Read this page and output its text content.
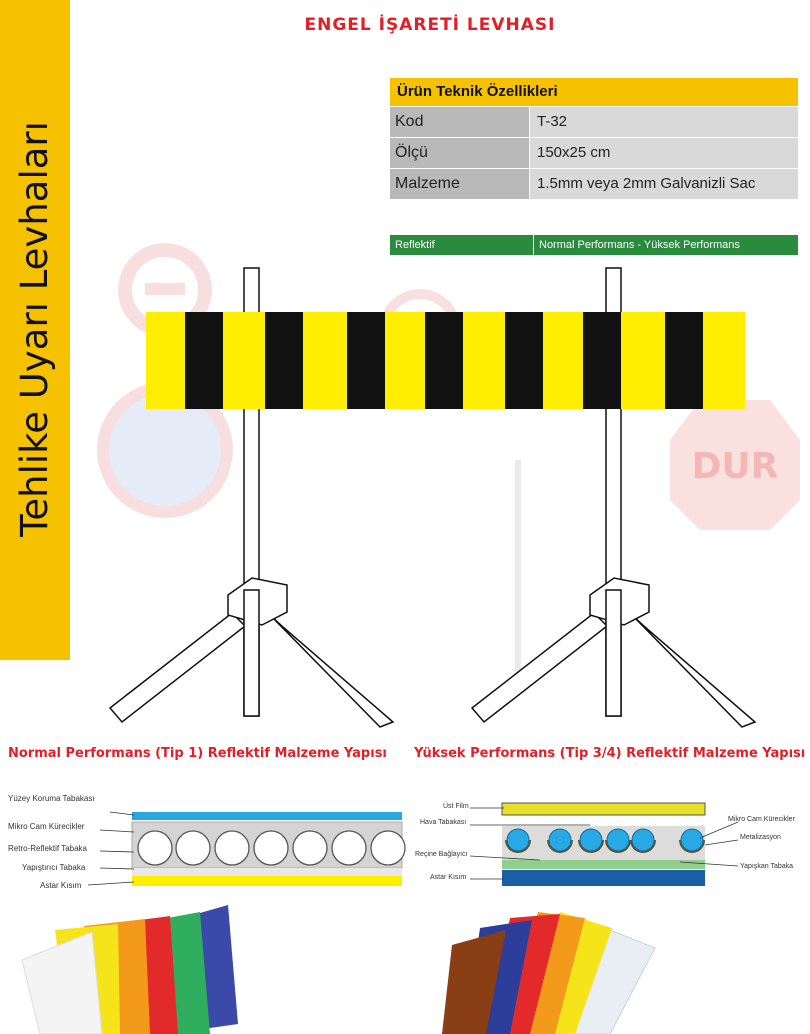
Tehlike Uyarı Levhaları
ENGEL İŞARETİ LEVHASI
Ürün Teknik Özellikleri
Kod	T-32
Ölçü	150x25 cm
Malzeme	1.5mm veya 2mm Galvanizli Sac
Reflektif	Normal Performans - Yüksek Performans
DUR
Normal Performans (Tip 1) Reflektif Malzeme Yapısı Yüksek Performans (Tip 3/4) Reflektif Malzeme Yapısı
Yüzey Koruma Tabakası
Mikro Cam Kürecikler
Retro-Reflektif Tabaka
Yapıştırıcı Tabaka
Astar Kısım
Üst Film
Hava Tabakası
Reçine Bağlayıcı
Astar Kısım
Mikro Cam Kürecikler
Metalizasyon
Yapışkan Tabaka
